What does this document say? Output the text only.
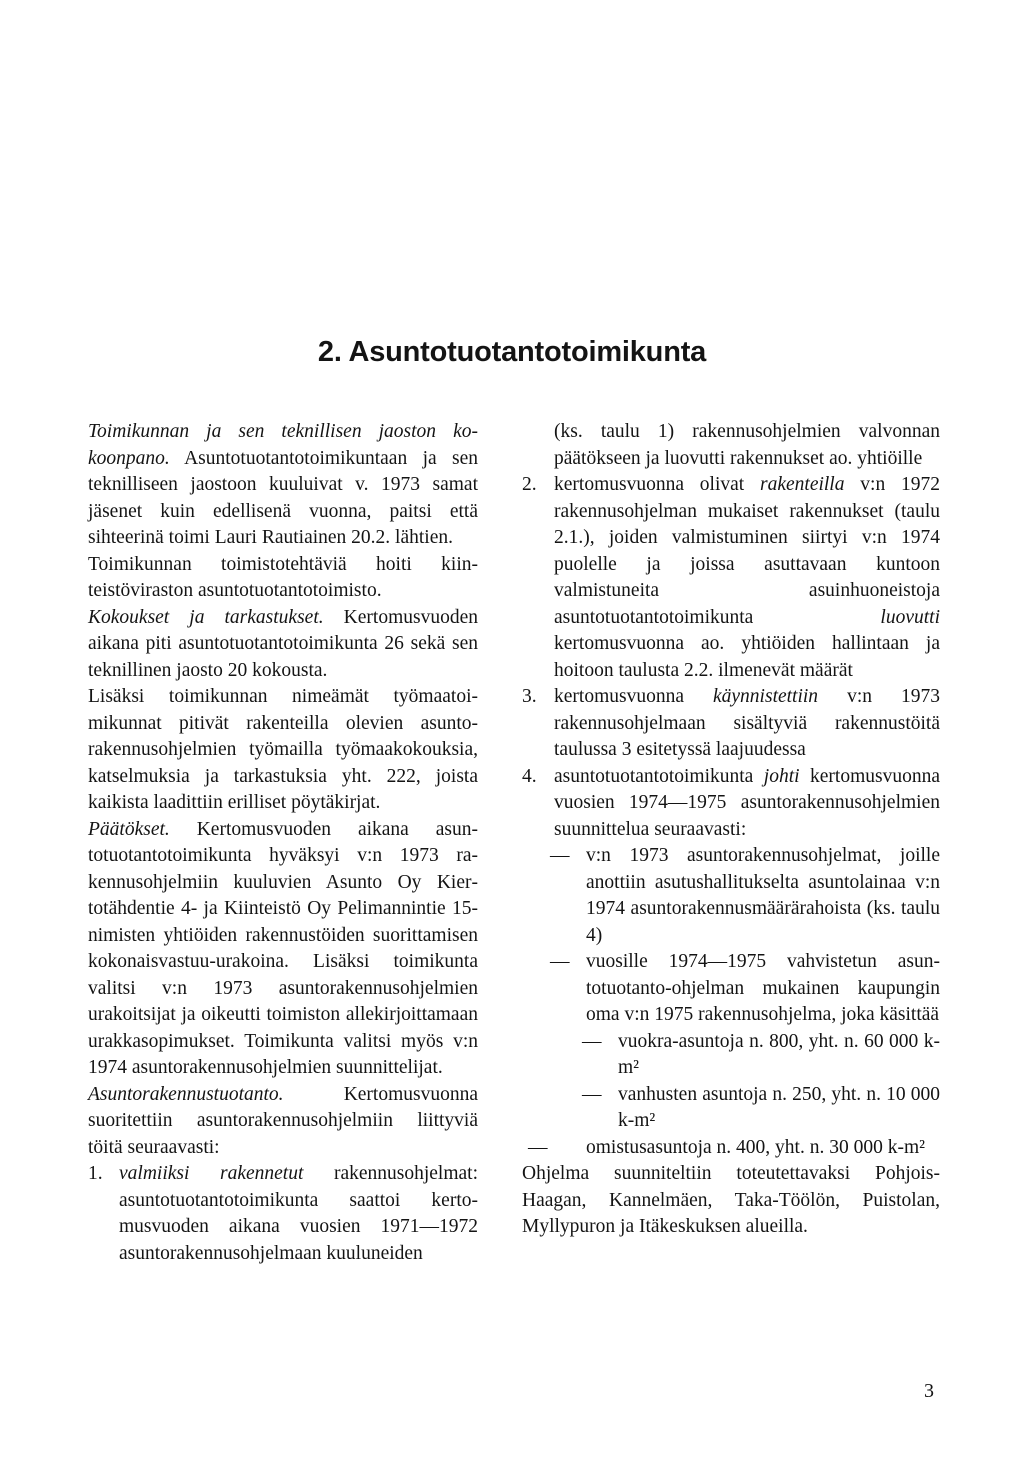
2. Asuntotuotantotoimikunta

Toimikunnan ja sen teknillisen jaoston kokoonpano. Asuntotuotantotoimikuntaan ja sen teknilliseen jaostoon kuuluivat v. 1973 samat jäsenet kuin edellisenä vuonna, paitsi että sihteerinä toimi Lauri Rautiainen 20.2. lähtien.

Toimikunnan toimistotehtäviä hoiti kiinteistöviraston asuntotuotantotoimisto.

Kokoukset ja tarkastukset. Kertomusvuoden aikana piti asuntotuotantotoimikunta 26 sekä sen teknillinen jaosto 20 kokousta.

Lisäksi toimikunnan nimeämät työmaatoimikunnat pitivät rakenteilla olevien asuntorakennusohjelmien työmailla työmaakokouksia, katselmuksia ja tarkastuksia yht. 222, joista kaikista laadittiin erilliset pöytäkirjat.

Päätökset. Kertomusvuoden aikana asuntotuotantotoimikunta hyväksyi v:n 1973 rakennusohjelmiin kuuluvien Asunto Oy Kiertotähdentie 4- ja Kiinteistö Oy Pelimannintie 15-nimisten yhtiöiden rakennustöiden suorittamisen kokonaisvastuu-urakoina. Lisäksi toimikunta valitsi v:n 1973 asuntorakennusohjelmien urakoitsijat ja oikeutti toimiston allekirjoittamaan urakkasopimukset. Toimikunta valitsi myös v:n 1974 asuntorakennusohjelmien suunnittelijat.

Asuntorakennustuotanto. Kertomusvuonna suoritettiin asuntorakennusohjelmiin liittyviä töitä seuraavasti:

1. valmiiksi rakennetut rakennusohjelmat: asuntotuotantotoimikunta saattoi kertomusvuoden aikana vuosien 1971—1972 asuntorakennusohjelmaan kuuluneiden

(ks. taulu 1) rakennusohjelmien valvonnan päätökseen ja luovutti rakennukset ao. yhtiöille

2. kertomusvuonna olivat rakenteilla v:n 1972 rakennusohjelman mukaiset rakennukset (taulu 2.1.), joiden valmistuminen siirtyi v:n 1974 puolelle ja joissa asuttavaan kuntoon valmistuneita asuinhuoneistoja asuntotuotantotoimikunta luovutti kertomusvuonna ao. yhtiöiden hallintaan ja hoitoon taulusta 2.2. ilmenevät määrät
3. kertomusvuonna käynnistettiin v:n 1973 rakennusohjelmaan sisältyviä rakennustöitä taulussa 3 esitetyssä laajuudessa
4. asuntotuotantotoimikunta johti kertomusvuonna vuosien 1974—1975 asuntorakennusohjelmien suunnittelua seuraavasti:
— v:n 1973 asuntorakennusohjelmat, joille anottiin asutushallitukselta asuntolainaa v:n 1974 asuntorakennusmäärärahoista (ks. taulu 4)
— vuosille 1974—1975 vahvistetun asuntotuotanto-ohjelman mukainen kaupungin oma v:n 1975 rakennusohjelma, joka käsittää
— vuokra-asuntoja n. 800, yht. n. 60 000 k-m²
— vanhusten asuntoja n. 250, yht. n. 10 000 k-m²
— omistusasuntoja n. 400, yht. n. 30 000 k-m²

Ohjelma suunniteltiin toteutettavaksi Pohjois-Haagan, Kannelmäen, Taka-Töölön, Puistolan, Myllypuron ja Itäkeskuksen alueilla.

3
